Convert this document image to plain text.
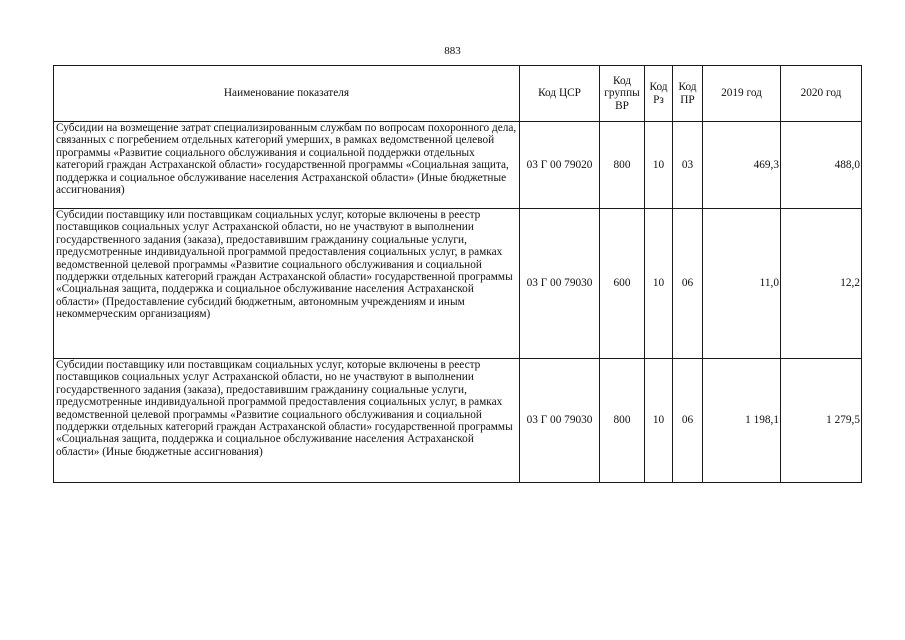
883
Наименование показателя	Код ЦСР	Код группы ВР	Код Рз	Код ПР	2019 год	2020 год
Субсидии на возмещение затрат специализированным службам по вопросам похоронного дела, связанных с погребением отдельных категорий умерших, в рамках ведомственной целевой программы «Развитие социального обслуживания и социальной поддержки отдельных категорий граждан Астраханской области» государственной программы «Социальная защита, поддержка и социальное обслуживание населения Астраханской области» (Иные бюджетные ассигнования)	03 Г 00 79020	800	10	03	469,3	488,0
Субсидии поставщику или поставщикам социальных услуг, которые включены в реестр поставщиков социальных услуг Астраханской области, но не участвуют в выполнении государственного задания (заказа), предоставившим гражданину социальные услуги, предусмотренные индивидуальной программой предоставления социальных услуг, в рамках ведомственной целевой программы «Развитие социального обслуживания и социальной поддержки отдельных категорий граждан Астраханской области» государственной программы «Социальная защита, поддержка и социальное обслуживание населения Астраханской области» (Предоставление субсидий бюджетным, автономным учреждениям и иным некоммерческим организациям)	03 Г 00 79030	600	10	06	11,0	12,2
Субсидии поставщику или поставщикам социальных услуг, которые включены в реестр поставщиков социальных услуг Астраханской области, но не участвуют в выполнении государственного задания (заказа), предоставившим гражданину социальные услуги, предусмотренные индивидуальной программой предоставления социальных услуг, в рамках ведомственной целевой программы «Развитие социального обслуживания и социальной поддержки отдельных категорий граждан Астраханской области» государственной программы «Социальная защита, поддержка и социальное обслуживание населения Астраханской области» (Иные бюджетные ассигнования)	03 Г 00 79030	800	10	06	1 198,1	1 279,5
